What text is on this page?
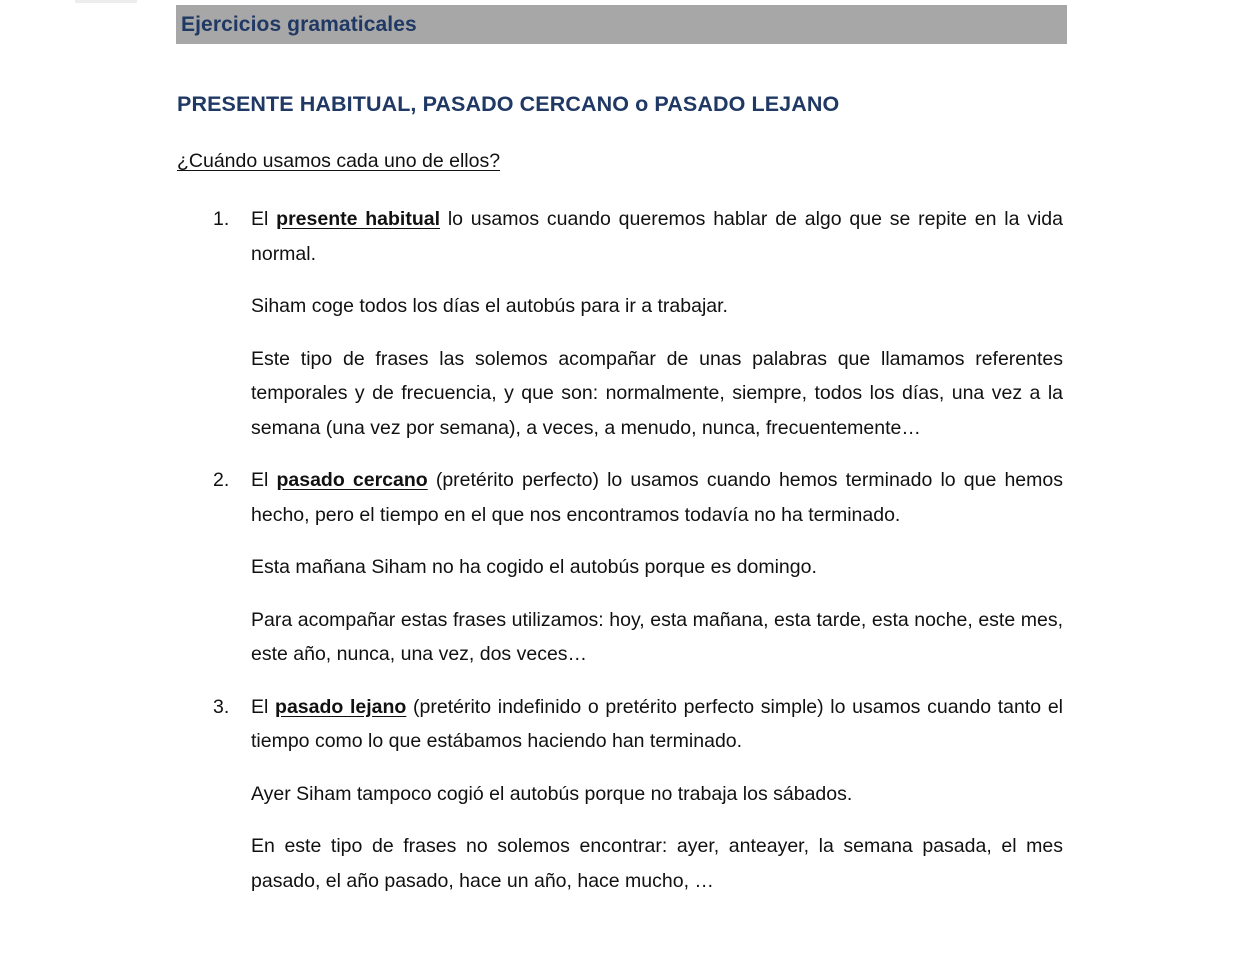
Ejercicios gramaticales
PRESENTE HABITUAL, PASADO CERCANO o PASADO LEJANO
¿Cuándo usamos cada uno de ellos?
1.	El presente habitual lo usamos cuando queremos hablar de algo que se repite en la vida normal.

Siham coge todos los días el autobús para ir a trabajar.

Este tipo de frases las solemos acompañar de unas palabras que llamamos referentes temporales y de frecuencia, y que son: normalmente, siempre, todos los días, una vez a la semana (una vez por semana), a veces, a menudo, nunca, frecuentemente…

2.	El pasado cercano (pretérito perfecto) lo usamos cuando hemos terminado lo que hemos hecho, pero el tiempo en el que nos encontramos todavía no ha terminado.

Esta mañana Siham no ha cogido el autobús porque es domingo.

Para acompañar estas frases utilizamos: hoy, esta mañana, esta tarde, esta noche, este mes, este año, nunca, una vez, dos veces…

3.	El pasado lejano (pretérito indefinido o pretérito perfecto simple) lo usamos cuando tanto el tiempo como lo que estábamos haciendo han terminado.

Ayer Siham tampoco cogió el autobús porque no trabaja los sábados.

En este tipo de frases no solemos encontrar: ayer, anteayer, la semana pasada, el mes pasado, el año pasado, hace un año, hace mucho, …
